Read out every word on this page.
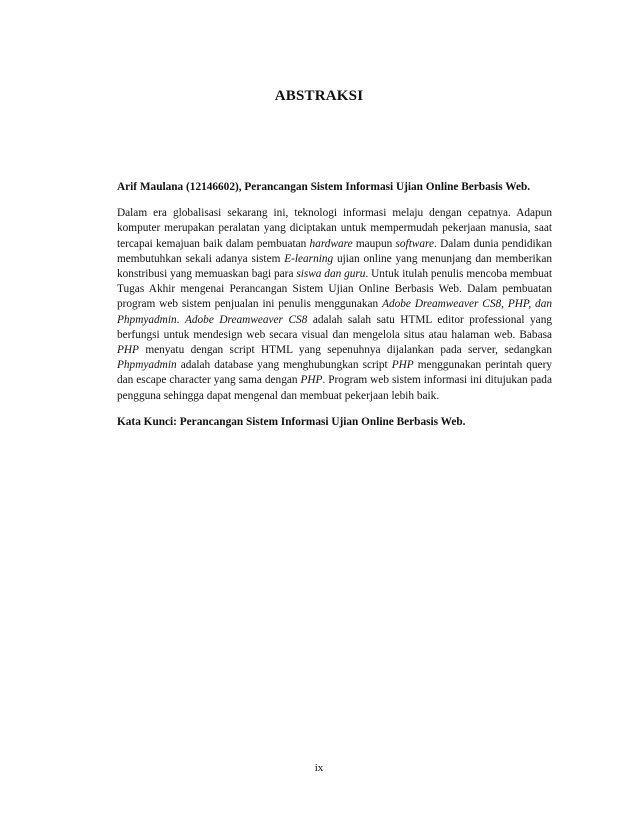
ABSTRAKSI

Arif Maulana (12146602), Perancangan Sistem Informasi Ujian Online Berbasis Web.

Dalam era globalisasi sekarang ini, teknologi informasi melaju dengan cepatnya. Adapun komputer merupakan peralatan yang diciptakan untuk mempermudah pekerjaan manusia, saat tercapai kemajuan baik dalam pembuatan hardware maupun software. Dalam dunia pendidikan membutuhkan sekali adanya sistem E-learning ujian online yang menunjang dan memberikan konstribusi yang memuaskan bagi para siswa dan guru. Untuk itulah penulis mencoba membuat Tugas Akhir mengenai Perancangan Sistem Ujian Online Berbasis Web. Dalam pembuatan program web sistem penjualan ini penulis menggunakan Adobe Dreamweaver CS8, PHP, dan Phpmyadmin. Adobe Dreamweaver CS8 adalah salah satu HTML editor professional yang berfungsi untuk mendesign web secara visual dan mengelola situs atau halaman web. Babasa PHP menyatu dengan script HTML yang sepenuhnya dijalankan pada server, sedangkan Phpmyadmin adalah database yang menghubungkan script PHP menggunakan perintah query dan escape character yang sama dengan PHP. Program web sistem informasi ini ditujukan pada pengguna sehingga dapat mengenal dan membuat pekerjaan lebih baik.

Kata Kunci: Perancangan Sistem Informasi Ujian Online Berbasis Web.

ix
